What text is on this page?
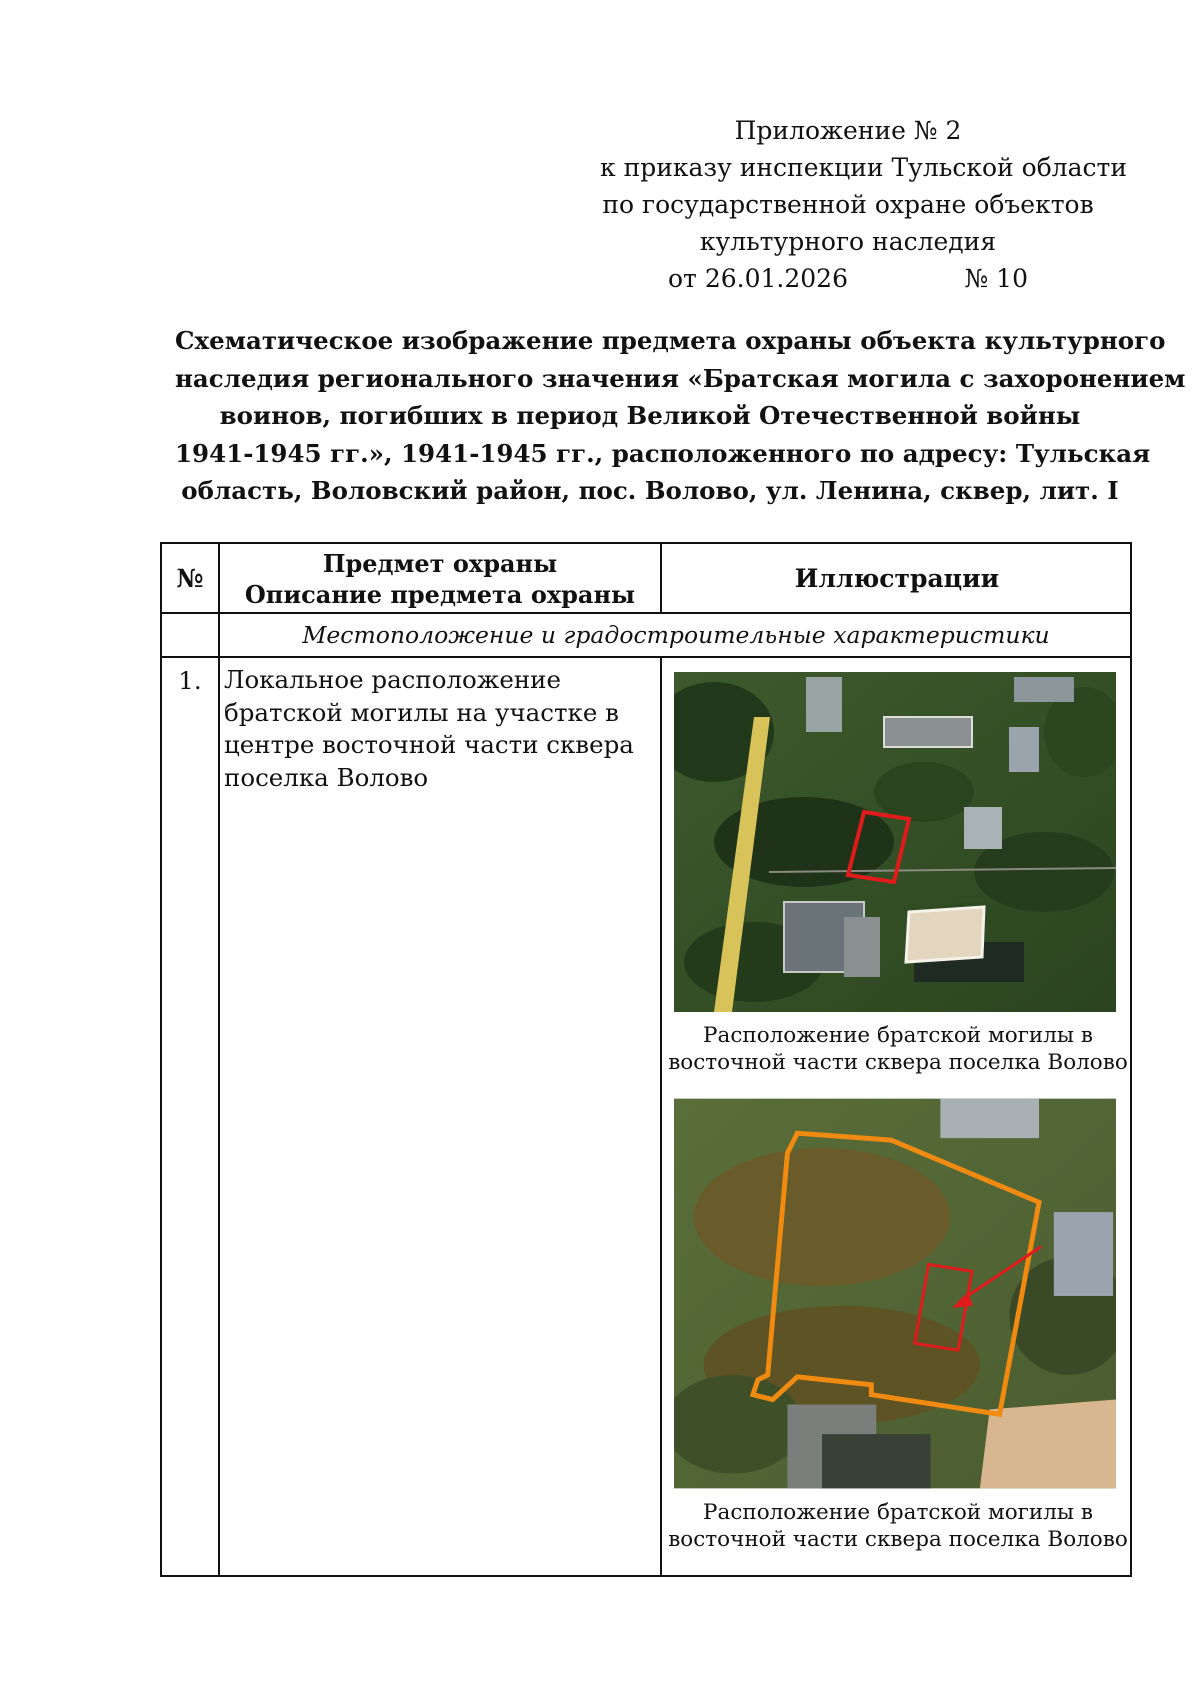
Приложение № 2
к приказу инспекции Тульской области
по государственной охране объектов
культурного наследия
от 26.01.2026	№ 10
Схематическое изображение предмета охраны объекта культурного
наследия регионального значения «Братская могила с захоронением
воинов, погибших в период Великой Отечественной войны
1941-1945 гг.», 1941-1945 гг., расположенного по адресу: Тульская
область, Воловский район, пос. Волово, ул. Ленина, сквер, лит. I
№	Предмет охраны
Описание предмета охраны
Иллюстрации
Местоположение и градостроительные характеристики
1. Локальное расположение
братской могилы на участке в
центре восточной части сквера
поселка Волово
Расположение братской могилы в
восточной части сквера поселка Волово
Расположение братской могилы в
восточной части сквера поселка Волово
